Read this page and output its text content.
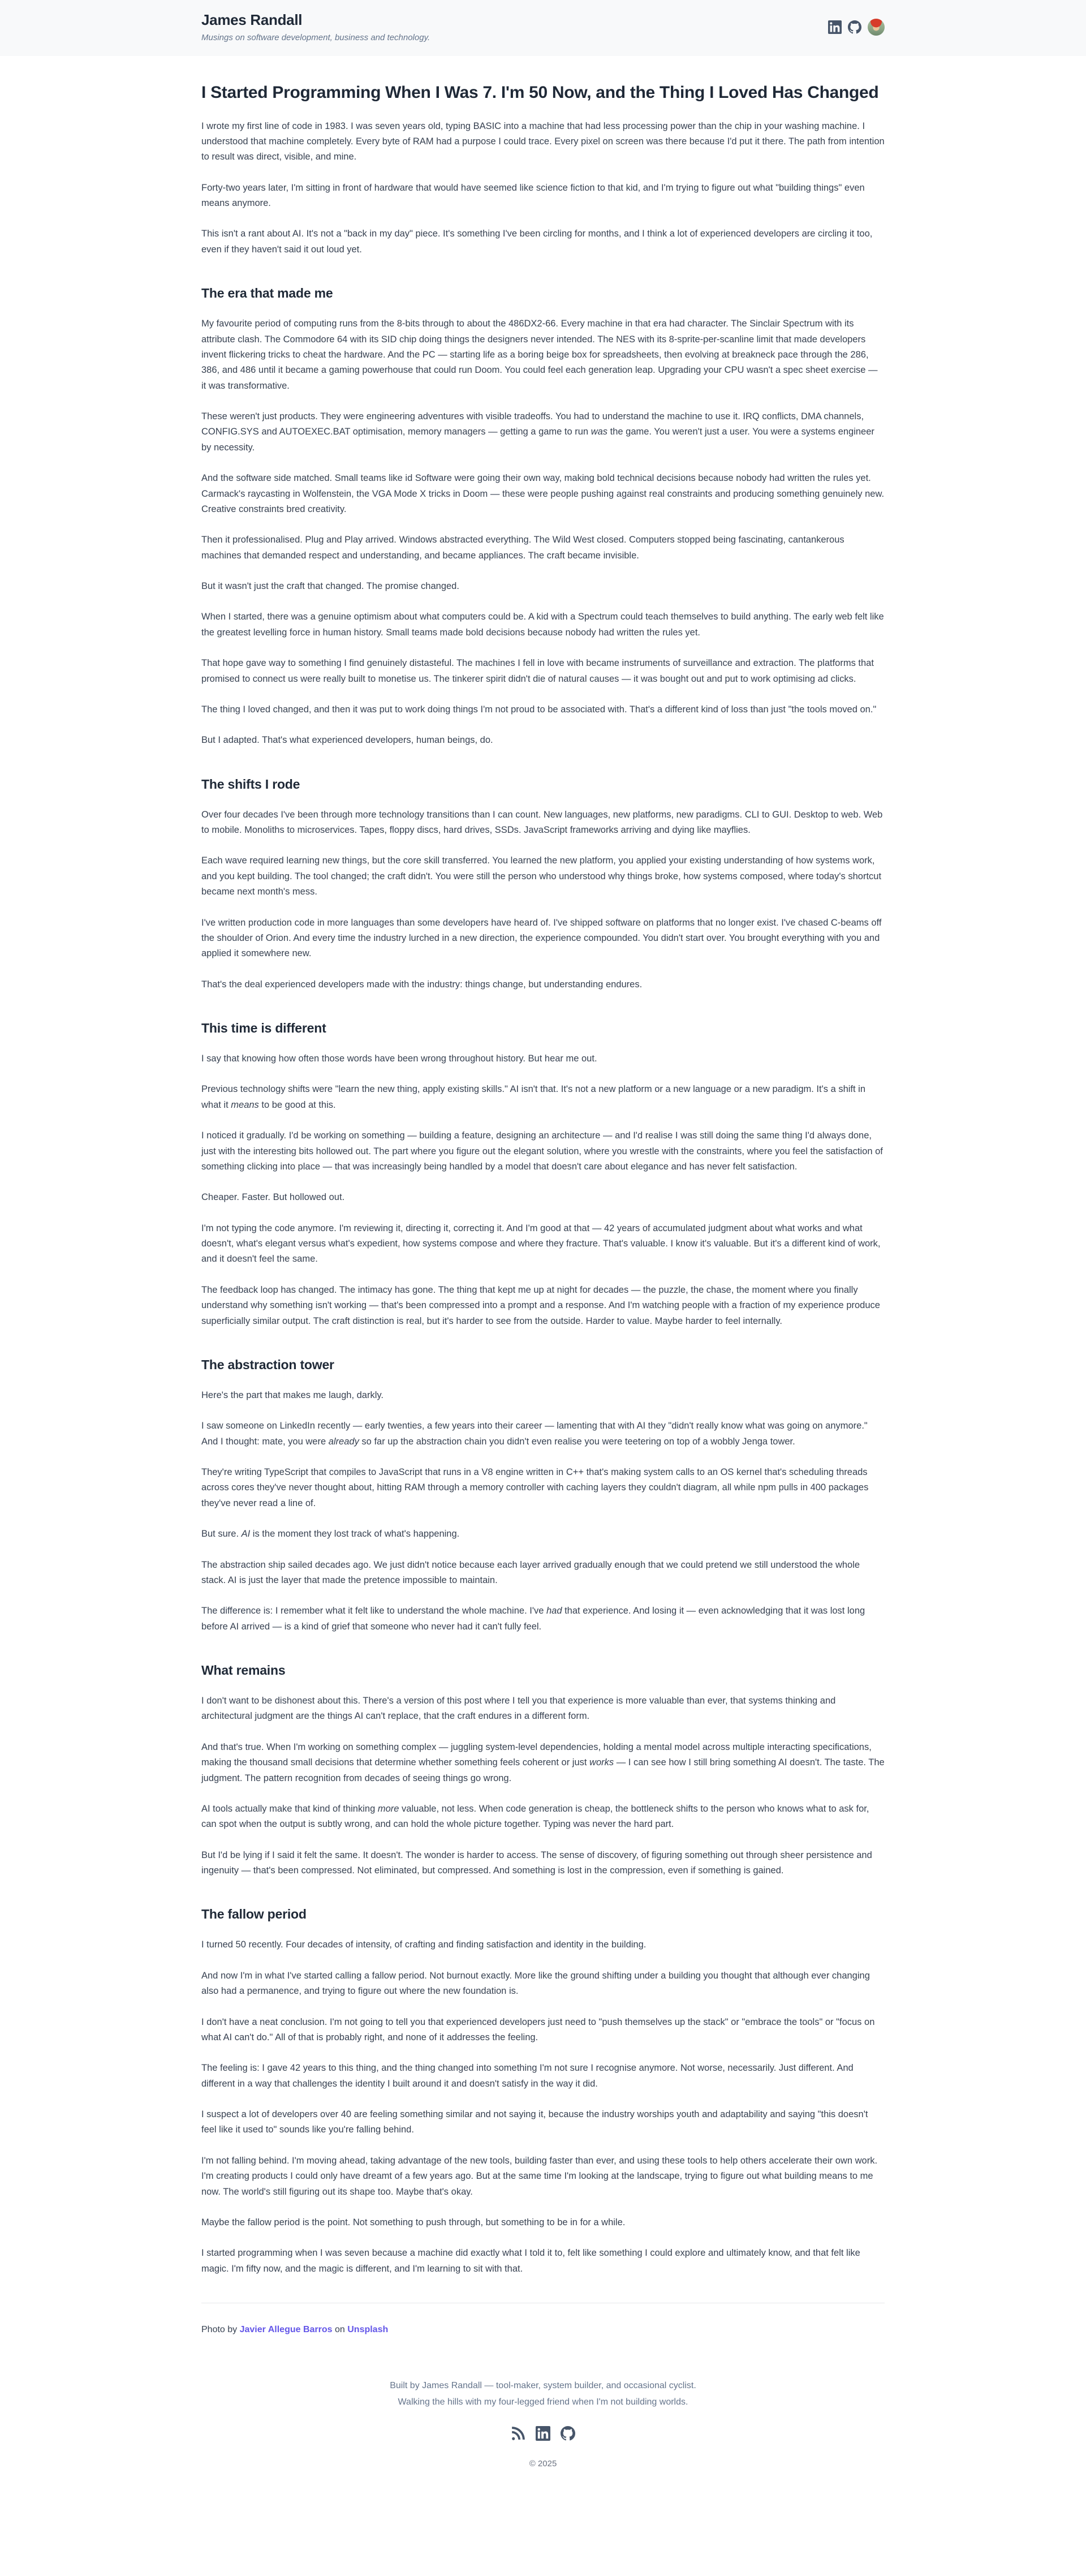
James Randall
Musings on software development, business and technology.
I Started Programming When I Was 7. I'm 50 Now, and the Thing I Loved Has Changed

I wrote my first line of code in 1983. I was seven years old, typing BASIC into a machine that had less processing power than the chip in your washing machine. I understood that machine completely. Every byte of RAM had a purpose I could trace. Every pixel on screen was there because I'd put it there. The path from intention to result was direct, visible, and mine.

Forty-two years later, I'm sitting in front of hardware that would have seemed like science fiction to that kid, and I'm trying to figure out what "building things" even means anymore.

This isn't a rant about AI. It's not a "back in my day" piece. It's something I've been circling for months, and I think a lot of experienced developers are circling it too, even if they haven't said it out loud yet.

The era that made me

My favourite period of computing runs from the 8-bits through to about the 486DX2-66. Every machine in that era had character. The Sinclair Spectrum with its attribute clash. The Commodore 64 with its SID chip doing things the designers never intended. The NES with its 8-sprite-per-scanline limit that made developers invent flickering tricks to cheat the hardware. And the PC — starting life as a boring beige box for spreadsheets, then evolving at breakneck pace through the 286, 386, and 486 until it became a gaming powerhouse that could run Doom. You could feel each generation leap. Upgrading your CPU wasn't a spec sheet exercise — it was transformative.

These weren't just products. They were engineering adventures with visible tradeoffs. You had to understand the machine to use it. IRQ conflicts, DMA channels, CONFIG.SYS and AUTOEXEC.BAT optimisation, memory managers — getting a game to run was the game. You weren't just a user. You were a systems engineer by necessity.

And the software side matched. Small teams like id Software were going their own way, making bold technical decisions because nobody had written the rules yet. Carmack's raycasting in Wolfenstein, the VGA Mode X tricks in Doom — these were people pushing against real constraints and producing something genuinely new. Creative constraints bred creativity.

Then it professionalised. Plug and Play arrived. Windows abstracted everything. The Wild West closed. Computers stopped being fascinating, cantankerous machines that demanded respect and understanding, and became appliances. The craft became invisible.

But it wasn't just the craft that changed. The promise changed.

When I started, there was a genuine optimism about what computers could be. A kid with a Spectrum could teach themselves to build anything. The early web felt like the greatest levelling force in human history. Small teams made bold decisions because nobody had written the rules yet.

That hope gave way to something I find genuinely distasteful. The machines I fell in love with became instruments of surveillance and extraction. The platforms that promised to connect us were really built to monetise us. The tinkerer spirit didn't die of natural causes — it was bought out and put to work optimising ad clicks.

The thing I loved changed, and then it was put to work doing things I'm not proud to be associated with. That's a different kind of loss than just "the tools moved on."

But I adapted. That's what experienced developers, human beings, do.

The shifts I rode

Over four decades I've been through more technology transitions than I can count. New languages, new platforms, new paradigms. CLI to GUI. Desktop to web. Web to mobile. Monoliths to microservices. Tapes, floppy discs, hard drives, SSDs. JavaScript frameworks arriving and dying like mayflies.

Each wave required learning new things, but the core skill transferred. You learned the new platform, you applied your existing understanding of how systems work, and you kept building. The tool changed; the craft didn't. You were still the person who understood why things broke, how systems composed, where today's shortcut became next month's mess.

I've written production code in more languages than some developers have heard of. I've shipped software on platforms that no longer exist. I've chased C-beams off the shoulder of Orion. And every time the industry lurched in a new direction, the experience compounded. You didn't start over. You brought everything with you and applied it somewhere new.

That's the deal experienced developers made with the industry: things change, but understanding endures.

This time is different

I say that knowing how often those words have been wrong throughout history. But hear me out.

Previous technology shifts were "learn the new thing, apply existing skills." AI isn't that. It's not a new platform or a new language or a new paradigm. It's a shift in what it means to be good at this.

I noticed it gradually. I'd be working on something — building a feature, designing an architecture — and I'd realise I was still doing the same thing I'd always done, just with the interesting bits hollowed out. The part where you figure out the elegant solution, where you wrestle with the constraints, where you feel the satisfaction of something clicking into place — that was increasingly being handled by a model that doesn't care about elegance and has never felt satisfaction.

Cheaper. Faster. But hollowed out.

I'm not typing the code anymore. I'm reviewing it, directing it, correcting it. And I'm good at that — 42 years of accumulated judgment about what works and what doesn't, what's elegant versus what's expedient, how systems compose and where they fracture. That's valuable. I know it's valuable. But it's a different kind of work, and it doesn't feel the same.

The feedback loop has changed. The intimacy has gone. The thing that kept me up at night for decades — the puzzle, the chase, the moment where you finally understand why something isn't working — that's been compressed into a prompt and a response. And I'm watching people with a fraction of my experience produce superficially similar output. The craft distinction is real, but it's harder to see from the outside. Harder to value. Maybe harder to feel internally.

The abstraction tower

Here's the part that makes me laugh, darkly.

I saw someone on LinkedIn recently — early twenties, a few years into their career — lamenting that with AI they "didn't really know what was going on anymore." And I thought: mate, you were already so far up the abstraction chain you didn't even realise you were teetering on top of a wobbly Jenga tower.

They're writing TypeScript that compiles to JavaScript that runs in a V8 engine written in C++ that's making system calls to an OS kernel that's scheduling threads across cores they've never thought about, hitting RAM through a memory controller with caching layers they couldn't diagram, all while npm pulls in 400 packages they've never read a line of.

But sure. AI is the moment they lost track of what's happening.

The abstraction ship sailed decades ago. We just didn't notice because each layer arrived gradually enough that we could pretend we still understood the whole stack. AI is just the layer that made the pretence impossible to maintain.

The difference is: I remember what it felt like to understand the whole machine. I've had that experience. And losing it — even acknowledging that it was lost long before AI arrived — is a kind of grief that someone who never had it can't fully feel.

What remains

I don't want to be dishonest about this. There's a version of this post where I tell you that experience is more valuable than ever, that systems thinking and architectural judgment are the things AI can't replace, that the craft endures in a different form.

And that's true. When I'm working on something complex — juggling system-level dependencies, holding a mental model across multiple interacting specifications, making the thousand small decisions that determine whether something feels coherent or just works — I can see how I still bring something AI doesn't. The taste. The judgment. The pattern recognition from decades of seeing things go wrong.

AI tools actually make that kind of thinking more valuable, not less. When code generation is cheap, the bottleneck shifts to the person who knows what to ask for, can spot when the output is subtly wrong, and can hold the whole picture together. Typing was never the hard part.

But I'd be lying if I said it felt the same. It doesn't. The wonder is harder to access. The sense of discovery, of figuring something out through sheer persistence and ingenuity — that's been compressed. Not eliminated, but compressed. And something is lost in the compression, even if something is gained.

The fallow period

I turned 50 recently. Four decades of intensity, of crafting and finding satisfaction and identity in the building.

And now I'm in what I've started calling a fallow period. Not burnout exactly. More like the ground shifting under a building you thought that although ever changing also had a permanence, and trying to figure out where the new foundation is.

I don't have a neat conclusion. I'm not going to tell you that experienced developers just need to "push themselves up the stack" or "embrace the tools" or "focus on what AI can't do." All of that is probably right, and none of it addresses the feeling.

The feeling is: I gave 42 years to this thing, and the thing changed into something I'm not sure I recognise anymore. Not worse, necessarily. Just different. And different in a way that challenges the identity I built around it and doesn't satisfy in the way it did.

I suspect a lot of developers over 40 are feeling something similar and not saying it, because the industry worships youth and adaptability and saying "this doesn't feel like it used to" sounds like you're falling behind.

I'm not falling behind. I'm moving ahead, taking advantage of the new tools, building faster than ever, and using these tools to help others accelerate their own work. I'm creating products I could only have dreamt of a few years ago. But at the same time I'm looking at the landscape, trying to figure out what building means to me now. The world's still figuring out its shape too. Maybe that's okay.

Maybe the fallow period is the point. Not something to push through, but something to be in for a while.

I started programming when I was seven because a machine did exactly what I told it to, felt like something I could explore and ultimately know, and that felt like magic. I'm fifty now, and the magic is different, and I'm learning to sit with that.

Photo by Javier Allegue Barros on Unsplash

Built by James Randall — tool-maker, system builder, and occasional cyclist.

Walking the hills with my four-legged friend when I'm not building worlds.

© 2025
